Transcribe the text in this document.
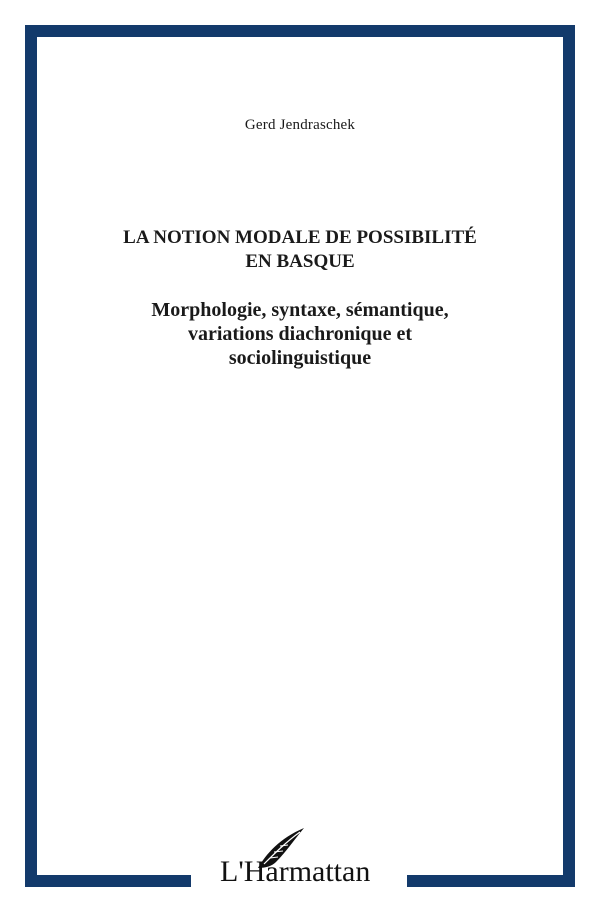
Gerd Jendraschek
LA NOTION MODALE DE POSSIBILITÉ
EN BASQUE
Morphologie, syntaxe, sémantique,
variations diachronique et
sociolinguistique
L'Harmattan
